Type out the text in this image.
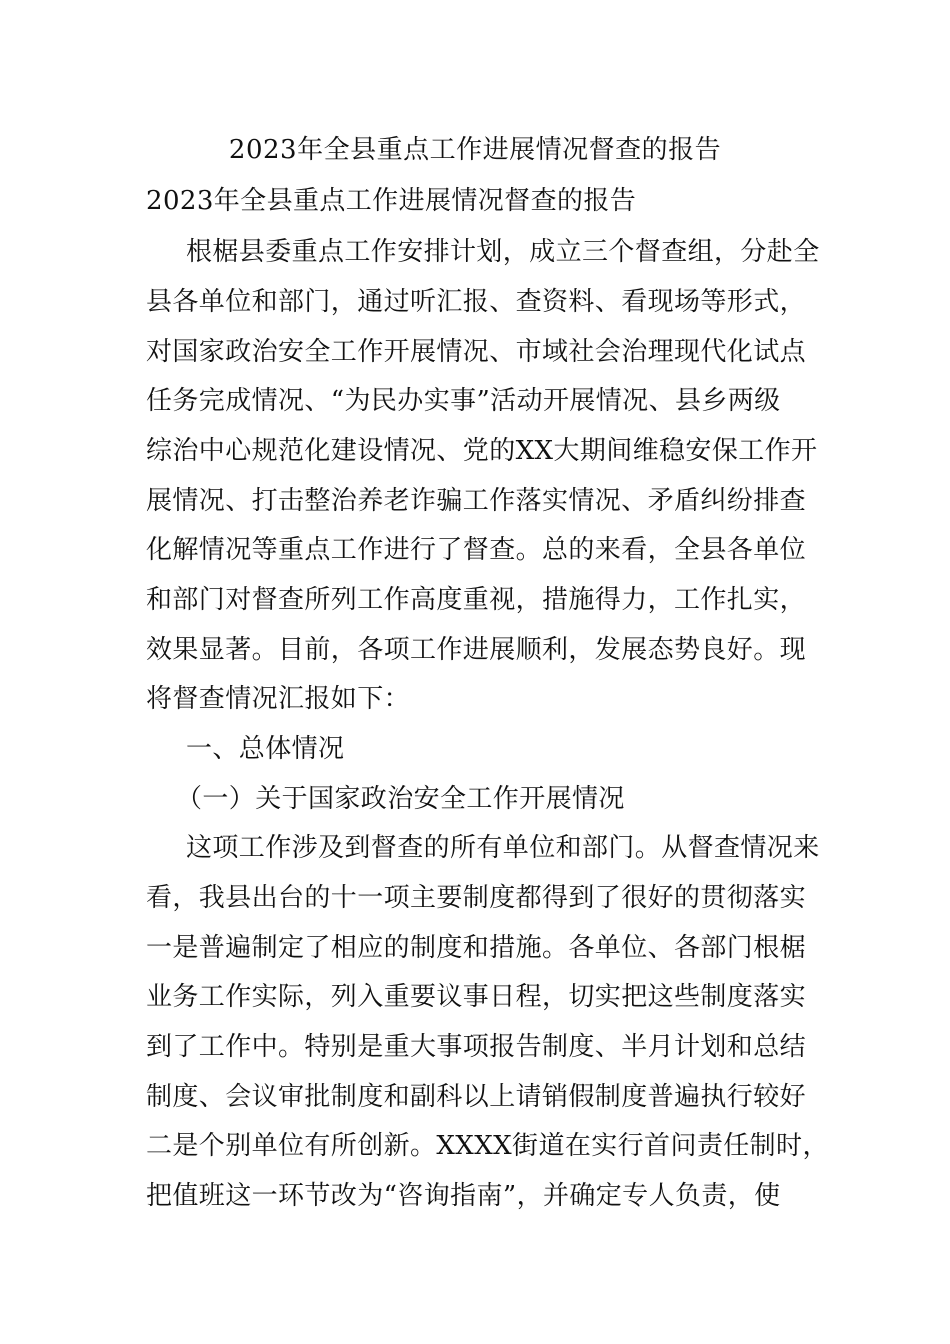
2023年全县重点工作进展情况督查的报告

2023年全县重点工作进展情况督查的报告

根椐县委重点工作安排计划，成立三个督查组，分赴全

县各单位和部门，通过听汇报、查资料、看现场等形式，

对国家政治安全工作开展情况、市域社会治理现代化试点

任务完成情况、“为民办实事”活动开展情况、县乡两级

综治中心规范化建设情况、党的XX大期间维稳安保工作开

展情况、打击整治养老诈骗工作落实情况、矛盾纠纷排查

化解情况等重点工作进行了督查。总的来看，全县各单位

和部门对督查所列工作高度重视，措施得力，工作扎实，

效果显著。目前，各项工作进展顺利，发展态势良好。现

将督查情况汇报如下：

一、总体情况

（一）关于国家政治安全工作开展情况

这项工作涉及到督查的所有单位和部门。从督查情况来

看，我县出台的十一项主要制度都得到了很好的贯彻落实

一是普遍制定了相应的制度和措施。各单位、各部门根椐

业务工作实际，列入重要议事日程，切实把这些制度落实

到了工作中。特别是重大事项报告制度、半月计划和总结

制度、会议审批制度和副科以上请销假制度普遍执行较好

二是个别单位有所创新。XXXX街道在实行首问责任制时，

把值班这一环节改为“咨询指南”，并确定专人负责，使
